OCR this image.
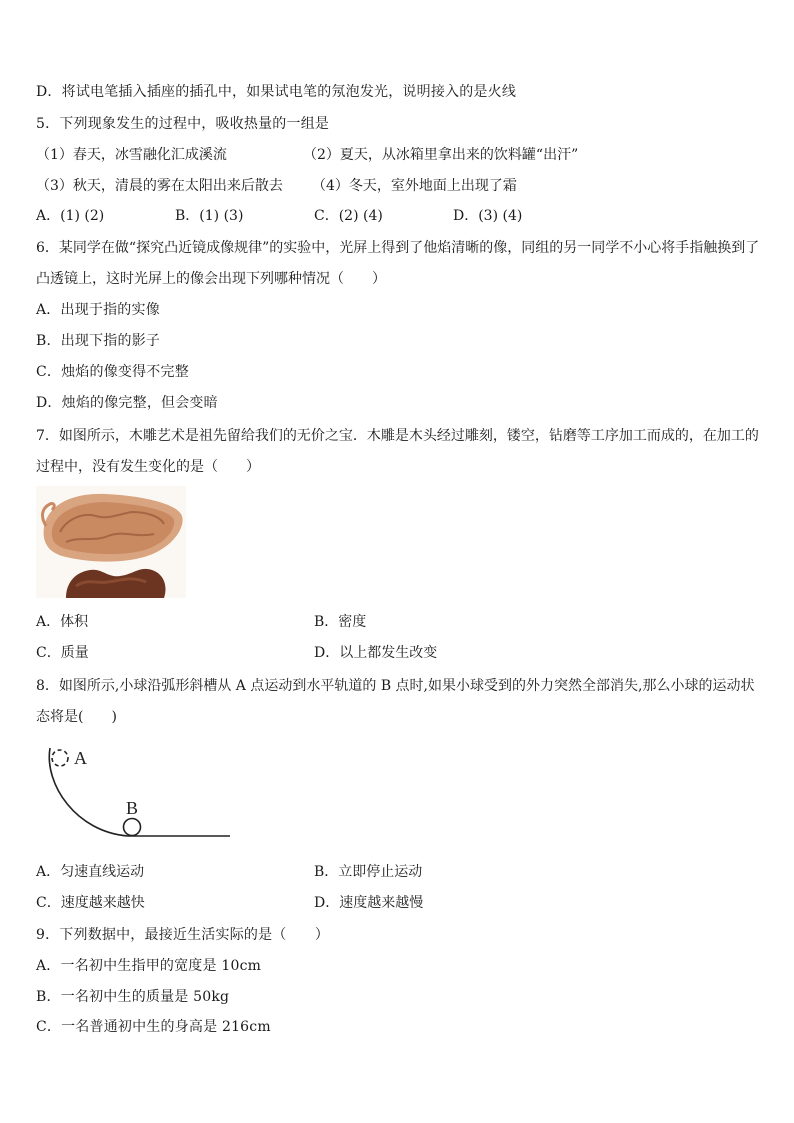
D．将试电笔插入插座的插孔中，如果试电笔的氖泡发光，说明接入的是火线
5．下列现象发生的过程中，吸收热量的一组是
（1）春天，冰雪融化汇成溪流	（2）夏天，从冰箱里拿出来的饮料罐“出汗”
（3）秋天，清晨的雾在太阳出来后散去 （4）冬天，室外地面上出现了霜
A．(1) (2)	B．(1) (3)	C．(2) (4)	D．(3) (4)
6．某同学在做“探究凸近镜成像规律”的实验中，光屏上得到了他焰清晰的像，同组的另一同学不小心将手指触换到了凸透镜上，这时光屏上的像会出现下列哪种情况（　　）
A．出现于指的实像
B．出现下指的影子
C．烛焰的像变得不完整
D．烛焰的像完整，但会变暗
7．如图所示，木雕艺术是祖先留给我们的无价之宝．木雕是木头经过雕刻，镂空，钻磨等工序加工而成的，在加工的过程中，没有发生变化的是（　　）
A．体积	B．密度
C．质量	D．以上都发生改变
8．如图所示,小球沿弧形斜槽从 A 点运动到水平轨道的 B 点时,如果小球受到的外力突然全部消失,那么小球的运动状态将是(　　)
A
B
A．匀速直线运动	B．立即停止运动
C．速度越来越快	D．速度越来越慢
9．下列数据中，最接近生活实际的是（　　）
A．一名初中生指甲的宽度是 10cm
B．一名初中生的质量是 50kg
C．一名普通初中生的身高是 216cm
